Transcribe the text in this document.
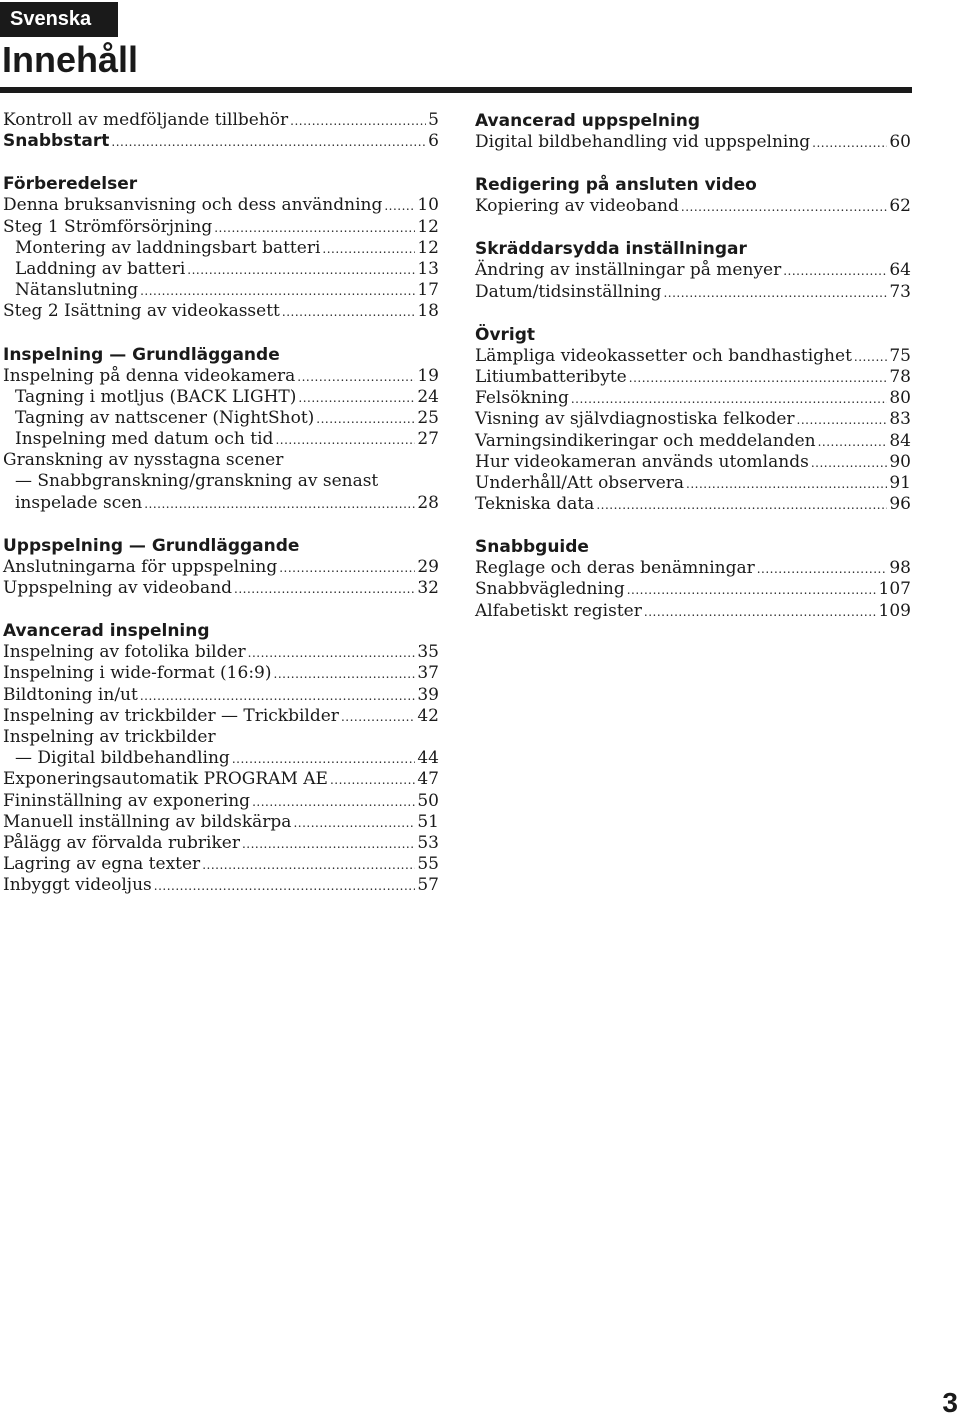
Svenska
Innehåll
Kontroll av medföljande tillbehör .....	5
Snabbstart .....	6
Förberedelser
Denna bruksanvisning och dess användning ..... 10
Steg 1 Strömförsörjning .....	12
Montering av laddningsbart batteri .....	12
Laddning av batteri .....	13
Nätanslutning .....	17
Steg 2 Isättning av videokassett .....	18
Inspelning — Grundläggande
Inspelning på denna videokamera .....	19
Tagning i motljus (BACK LIGHT) .....	24
Tagning av nattscener (NightShot) .....	25
Inspelning med datum och tid .....	27
Granskning av nysstagna scener
— Snabbgranskning/granskning av senast
inspelade scen .....	28
Uppspelning — Grundläggande
Anslutningarna för uppspelning .....	29
Uppspelning av videoband .....	32
Avancerad inspelning
Inspelning av fotolika bilder .....	35
Inspelning i wide-format (16:9) .....	37
Bildtoning in/ut .....	39
Inspelning av trickbilder — Trickbilder .....	42
Inspelning av trickbilder
— Digital bildbehandling .....	44
Exponeringsautomatik PROGRAM AE .....	47
Fininställning av exponering .....	50
Manuell inställning av bildskärpa .....	51
Pålägg av förvalda rubriker .....	53
Lagring av egna texter .....	55
Inbyggt videoljus .....	57
Avancerad uppspelning
Digital bildbehandling vid uppspelning .....	60
Redigering på ansluten video
Kopiering av videoband .....	62
Skräddarsydda inställningar
Ändring av inställningar på menyer .....	64
Datum/tidsinställning .....	73
Övrigt
Lämpliga videokassetter och bandhastighet ..... 75
Litiumbatteribyte .....	78
Felsökning .....	80
Visning av självdiagnostiska felkoder .....	83
Varningsindikeringar och meddelanden .....	84
Hur videokameran används utomlands .....	90
Underhåll/Att observera .....	91
Tekniska data .....	96
Snabbguide
Reglage och deras benämningar .....	98
Snabbvägledning .....	107
Alfabetiskt register .....	109
3
